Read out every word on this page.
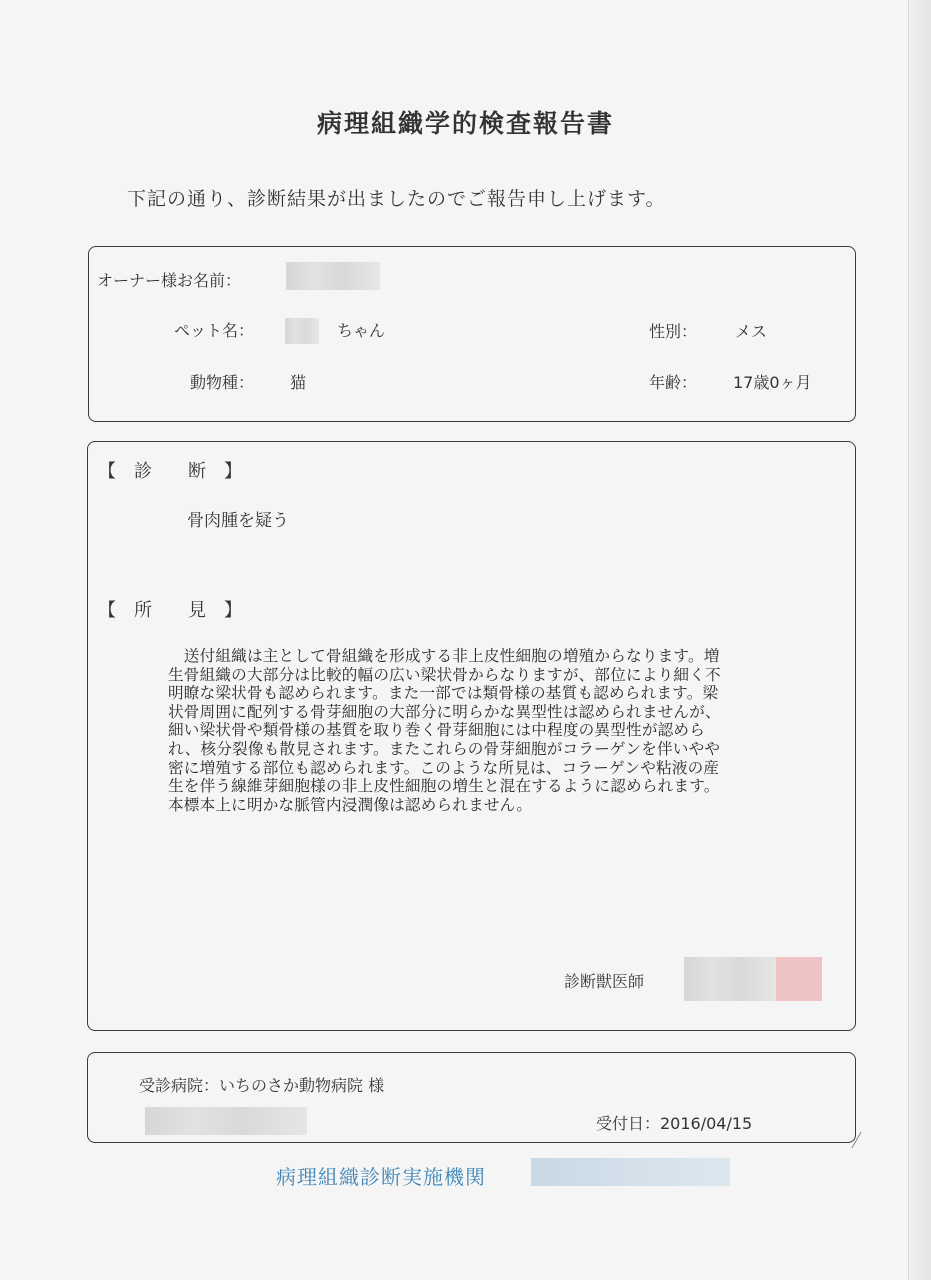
病理組織学的検査報告書
下記の通り、診断結果が出ましたのでご報告申し上げます。
オーナー様お名前：
ペット名：	ちゃん	性別： メス
動物種： 猫	年齢： 17歳0ヶ月
【　診　　断　】
骨肉腫を疑う
【　所　　見　】
　送付組織は主として骨組織を形成する非上皮性細胞の増殖からなります。増
生骨組織の大部分は比較的幅の広い梁状骨からなりますが、部位により細く不
明瞭な梁状骨も認められます。また一部では類骨様の基質も認められます。梁
状骨周囲に配列する骨芽細胞の大部分に明らかな異型性は認められませんが、
細い梁状骨や類骨様の基質を取り巻く骨芽細胞には中程度の異型性が認めら
れ、核分裂像も散見されます。またこれらの骨芽細胞がコラーゲンを伴いやや
密に増殖する部位も認められます。このような所見は、コラーゲンや粘液の産
生を伴う線維芽細胞様の非上皮性細胞の増生と混在するように認められます。
本標本上に明かな脈管内浸潤像は認められません。
診断獣医師
受診病院：いちのさか動物病院 様
受付日：2016/04/15
病理組織診断実施機関
